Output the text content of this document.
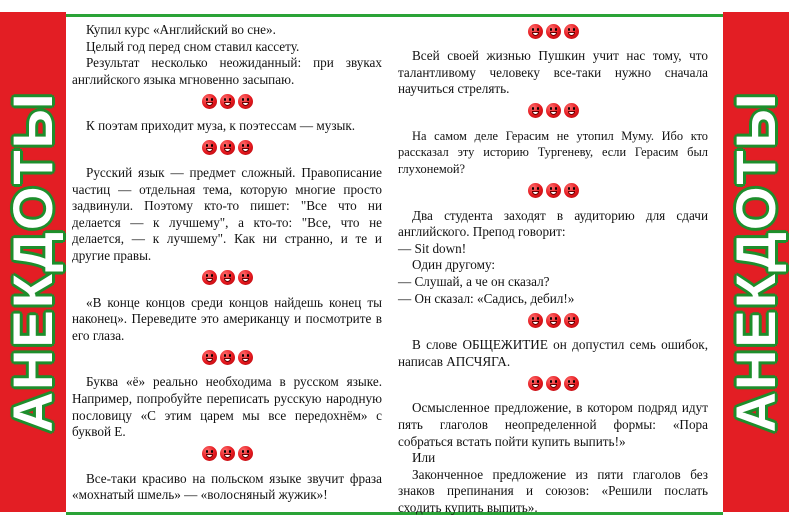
АНЕКДОТЫ	АНЕКДОТЫ

Купил курс «Английский во сне».

Целый год перед сном ставил кассету.

Результат несколько неожиданный: при звуках английского языка мгновенно засыпаю.

К поэтам приходит муза, к поэтессам — музык.

Русский язык — предмет сложный. Правописание частиц — отдельная тема, которую многие просто задвинули. Поэтому кто-то пишет: "Все что ни делается — к лучшему", а кто-то: "Все, что не делается, — к лучшему". Как ни странно, и те и другие правы.

«В конце концов среди концов найдешь конец ты наконец». Переведите это американцу и посмотрите в его глаза.

Буква «ё» реально необходима в русском языке. Например, попробуйте переписать русскую народную пословицу «С этим царем мы все передохнём» с буквой Е.

Все-таки красиво на польском языке звучит фраза «мохнатый шмель» — «волосняный жужик»!

Всей своей жизнью Пушкин учит нас тому, что талантливому человеку все-таки нужно сначала научиться стрелять.

На самом деле Герасим не утопил Муму. Ибо кто рассказал эту историю Тургеневу, если Герасим был глухонемой?

Два студента заходят в аудиторию для сдачи английского. Препод говорит:

— Sit down!

Один другому:

— Слушай, а че он сказал?

— Он сказал: «Садись, дебил!»

В слове ОБЩЕЖИТИЕ он допустил семь ошибок, написав АПСЧЯГА.

Осмысленное предложение, в котором подряд идут пять глаголов неопределенной формы: «Пора собраться встать пойти купить выпить!»

Или

Законченное предложение из пяти глаголов без знаков препинания и союзов: «Решили послать сходить купить выпить».
